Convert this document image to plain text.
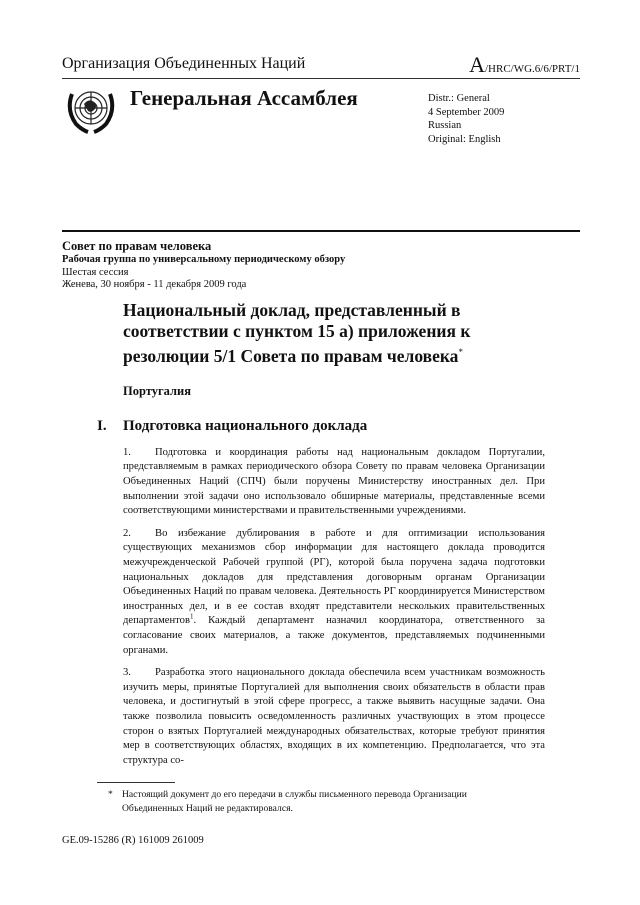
Организация Объединенных Наций	A/HRC/WG.6/6/PRT/1
Генеральная Ассамблея	Distr.: General
4 September 2009
Russian
Original: English
Совет по правам человека
Рабочая группа по универсальному периодическому обзору
Шестая сессия
Женева, 30 ноября - 11 декабря 2009 года
Национальный доклад, представленный в соответствии с пунктом 15 а) приложения к резолюции 5/1 Совета по правам человека*
Португалия
I.	Подготовка национального доклада
1. Подготовка и координация работы над национальным докладом Португалии, представляемым в рамках периодического обзора Совету по правам человека Организации Объединенных Наций (СПЧ) были поручены Министерству иностранных дел. При выполнении этой задачи оно использовало обширные материалы, представленные всеми соответствующими министерствами и правительственными учреждениями.
2. Во избежание дублирования в работе и для оптимизации использования существующих механизмов сбор информации для настоящего доклада проводится межучрежденческой Рабочей группой (РГ), которой была поручена задача подготовки национальных докладов для представления договорным органам Организации Объединенных Наций по правам человека. Деятельность РГ координируется Министерством иностранных дел, и в ее состав входят представители нескольких правительственных департаментов$^1$. Каждый департамент назначил координатора, ответственного за согласование своих материалов, а также документов, представляемых подчиненными органами.
3. Разработка этого национального доклада обеспечила всем участникам возможность изучить меры, принятые Португалией для выполнения своих обязательств в области прав человека, и достигнутый в этой сфере прогресс, а также выявить насущные задачи. Она также позволила повысить осведомленность различных участвующих в этом процессе сторон о взятых Португалией международных обязательствах, которые требуют принятия мер в соответствующих областях, входящих в их компетенцию. Предполагается, что эта структура со-
* Настоящий документ до его передачи в службы письменного перевода Организации Объединенных Наций не редактировался.
GE.09-15286 (R) 161009 261009
